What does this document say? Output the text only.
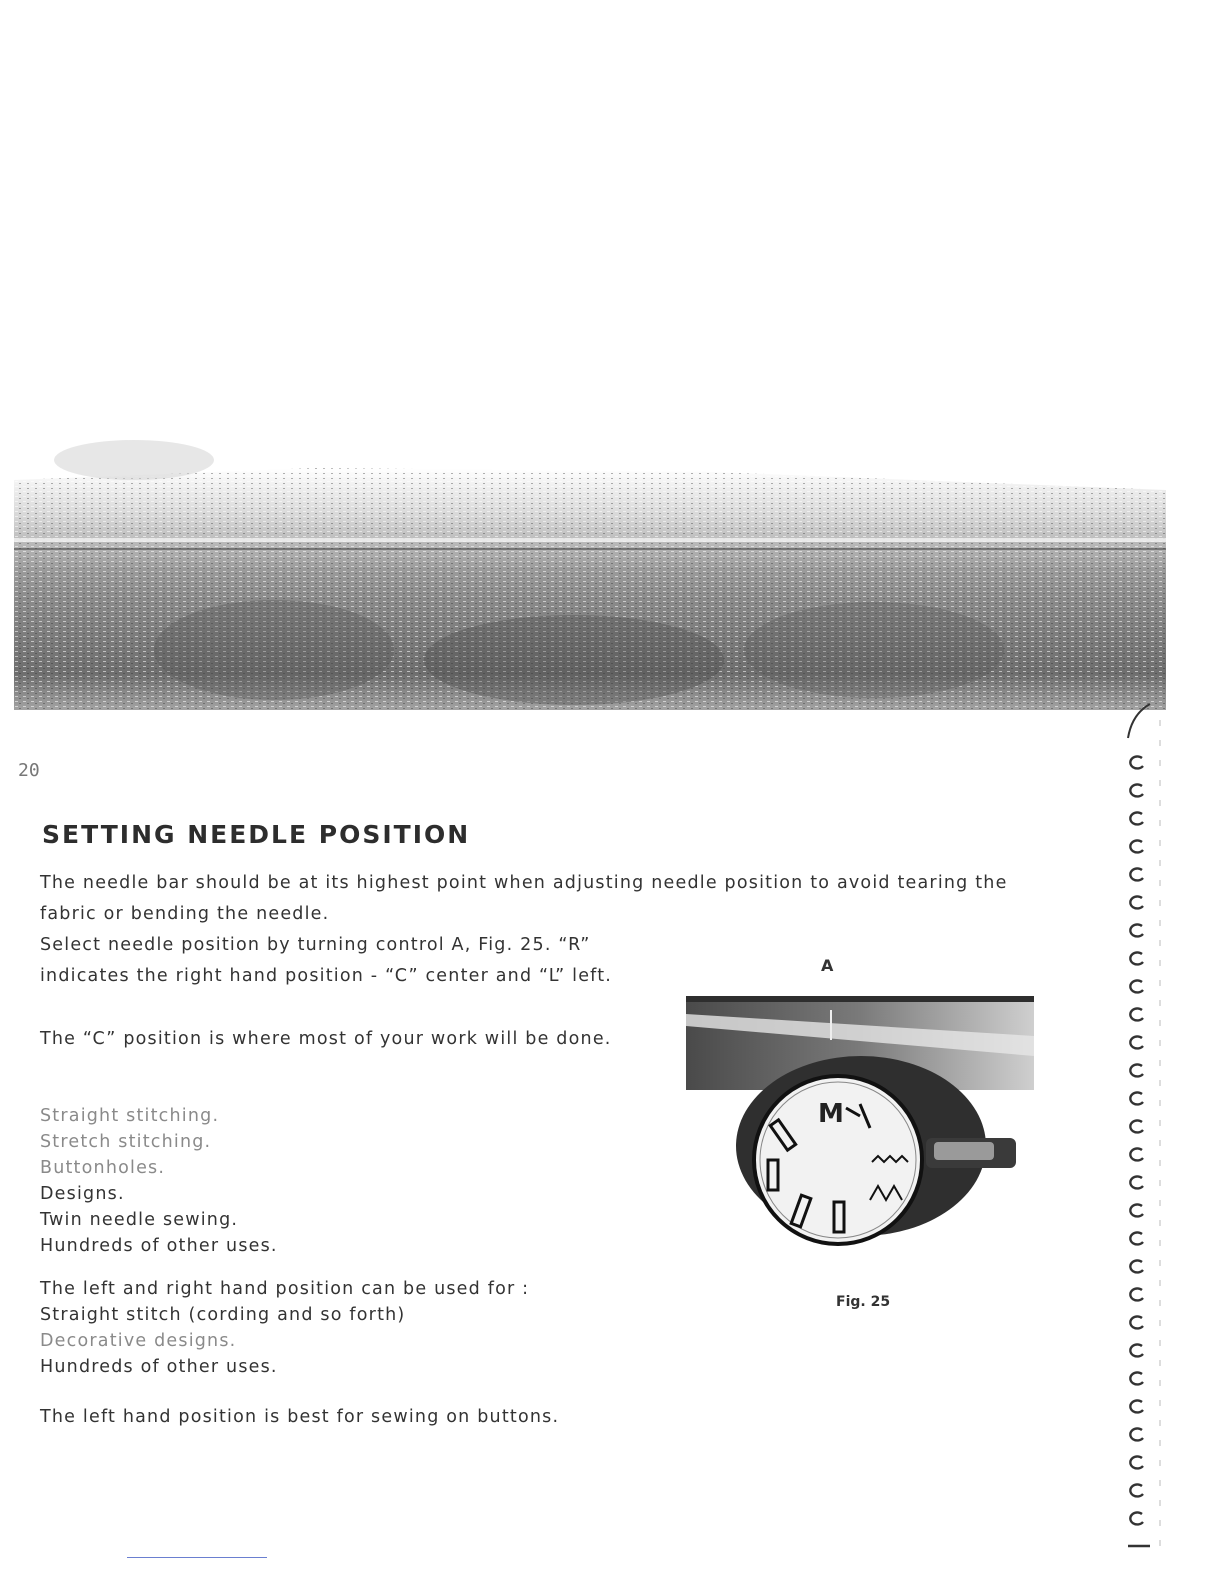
20
SETTING NEEDLE POSITION

The needle bar should be at its highest point when adjusting needle position to avoid tearing the fabric or bending the needle.

Select needle position by turning control A, Fig. 25. “R” indicates the right hand position - “C” center and “L” left.

The “C” position is where most of your work will be done.

Straight stitching.
Stretch stitching.
Buttonholes.
Designs.
Twin needle sewing.
Hundreds of other uses.

The left and right hand position can be used for :

Straight stitch (cording and so forth)
Decorative designs.
Hundreds of other uses.

The left hand position is best for sewing on buttons.

A
M
Fig. 25
